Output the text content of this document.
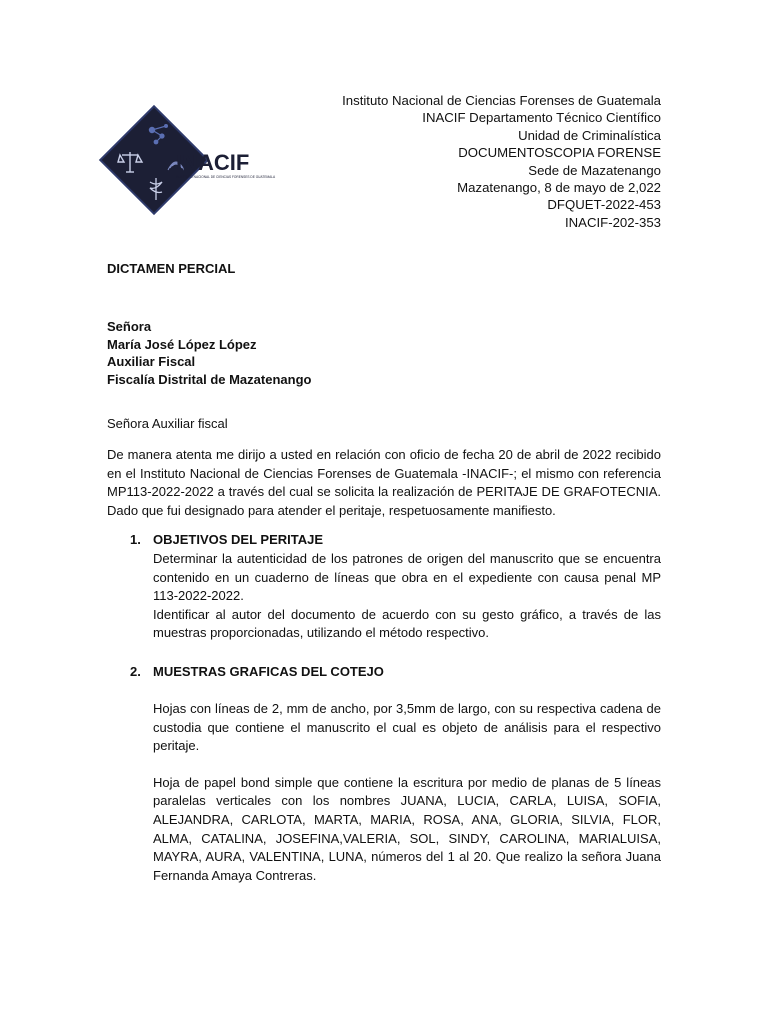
INACIF
INSTITUTO NACIONAL DE CIENCIAS FORENSES DE GUATEMALA
Instituto Nacional de Ciencias Forenses de Guatemala
INACIF Departamento Técnico Científico
Unidad de Criminalística
DOCUMENTOSCOPIA FORENSE
Sede de Mazatenango
Mazatenango, 8 de mayo de 2,022
DFQUET-2022-453
INACIF-202-353
DICTAMEN PERCIAL
Señora
María José López López
Auxiliar Fiscal
Fiscalía Distrital de Mazatenango
Señora Auxiliar fiscal
De manera atenta me dirijo a usted en relación con oficio de fecha 20 de abril de 2022 recibido en el Instituto Nacional de Ciencias Forenses de Guatemala -INACIF-; el mismo con referencia MP113-2022-2022 a través del cual se solicita la realización de PERITAJE DE GRAFOTECNIA. Dado que fui designado para atender el peritaje, respetuosamente manifiesto.
1. OBJETIVOS DEL PERITAJE

Determinar la autenticidad de los patrones de origen del manuscrito que se encuentra contenido en un cuaderno de líneas que obra en el expediente con causa penal MP 113-2022-2022.

Identificar al autor del documento de acuerdo con su gesto gráfico, a través de las muestras proporcionadas, utilizando el método respectivo.

2. MUESTRAS GRAFICAS DEL COTEJO

Hojas con líneas de 2, mm de ancho, por 3,5mm de largo, con su respectiva cadena de custodia que contiene el manuscrito el cual es objeto de análisis para el respectivo peritaje.

Hoja de papel bond simple que contiene la escritura por medio de planas de 5 líneas paralelas verticales con los nombres JUANA, LUCIA, CARLA, LUISA, SOFIA, ALEJANDRA, CARLOTA, MARTA, MARIA, ROSA, ANA, GLORIA, SILVIA, FLOR, ALMA, CATALINA, JOSEFINA,VALERIA, SOL, SINDY, CAROLINA, MARIALUISA, MAYRA, AURA, VALENTINA, LUNA, números del 1 al 20. Que realizo la señora Juana Fernanda Amaya Contreras.
